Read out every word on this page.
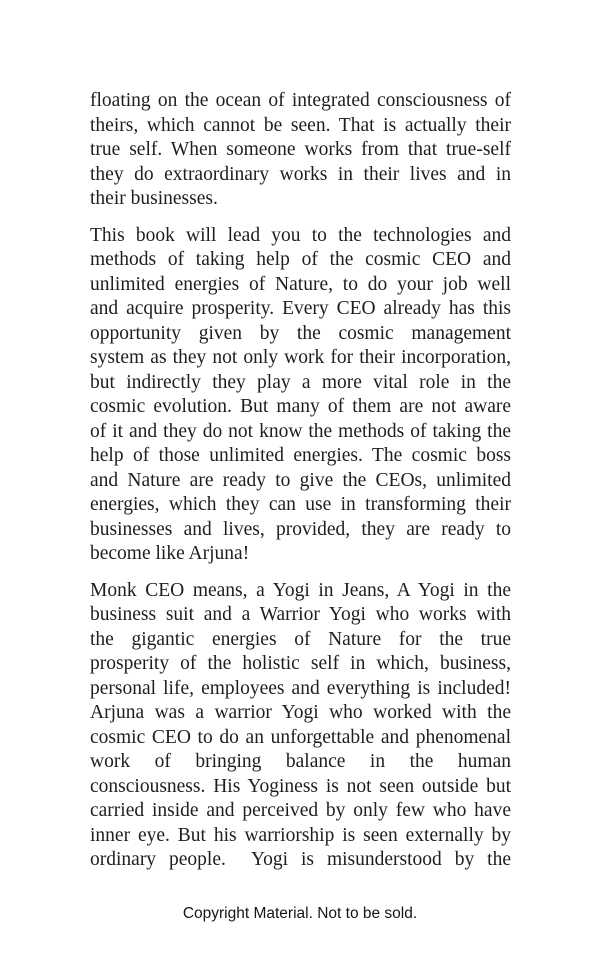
floating on the ocean of integrated consciousness of
theirs, which cannot be seen. That is actually their
true self. When someone works from that true-self
they do extraordinary works in their lives and in
their businesses.

This book will lead you to the technologies and
methods of taking help of the cosmic CEO and
unlimited energies of Nature, to do your job well
and acquire prosperity. Every CEO already has this
opportunity given by the cosmic management
system as they not only work for their incorporation,
but indirectly they play a more vital role in the
cosmic evolution. But many of them are not aware
of it and they do not know the methods of taking the
help of those unlimited energies. The cosmic boss
and Nature are ready to give the CEOs, unlimited
energies, which they can use in transforming their
businesses and lives, provided, they are ready to
become like Arjuna!

Monk CEO means, a Yogi in Jeans, A Yogi in the
business suit and a Warrior Yogi who works with
the gigantic energies of Nature for the true
prosperity of the holistic self in which, business,
personal life, employees and everything is included!
Arjuna was a warrior Yogi who worked with the
cosmic CEO to do an unforgettable and phenomenal
work of bringing balance in the human
consciousness. His Yoginess is not seen outside but
carried inside and perceived by only few who have
inner eye. But his warriorship is seen externally by
ordinary people.  Yogi is misunderstood by the

Copyright Material. Not to be sold.
